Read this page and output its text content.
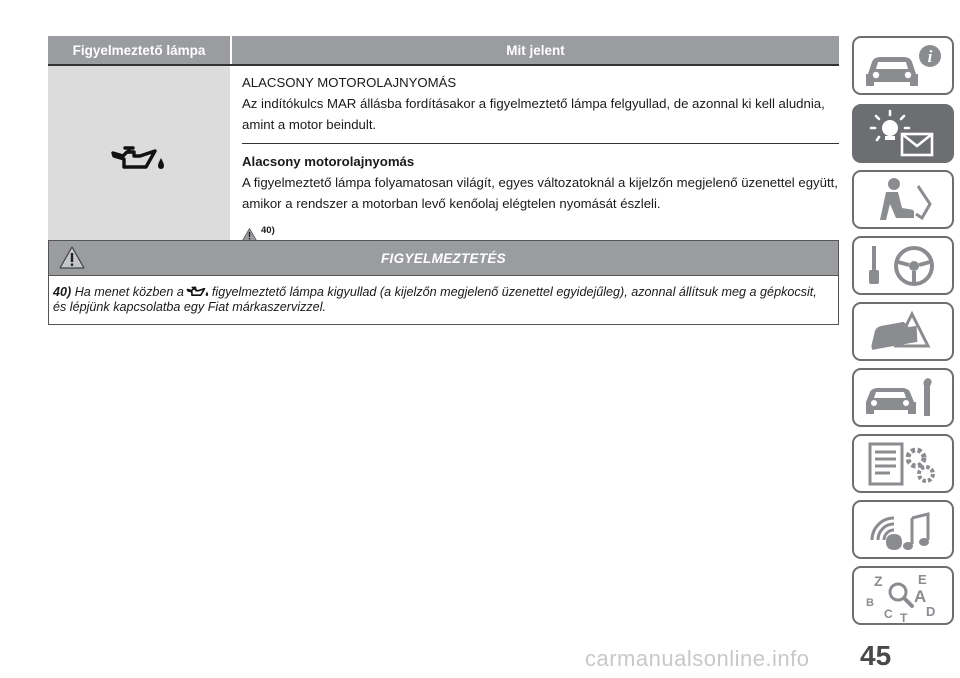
Figyelmeztető lámpa	Mit jelent
ALACSONY MOTOROLAJNYOMÁS
Az indítókulcs MAR állásba fordításakor a figyelmeztető lámpa felgyullad, de azonnal ki kell aludnia, amint a motor beindult.
Alacsony motorolajnyomás
A figyelmeztető lámpa folyamatosan világít, egyes változatoknál a kijelzőn megjelenő üzenettel együtt, amikor a rendszer a motorban levő kenőolaj elégtelen nyomását észleli.
40)
FIGYELMEZTETÉS
40) Ha menet közben a figyelmeztető lámpa kigyullad (a kijelzőn megjelenő üzenettel egyidejűleg), azonnal állítsuk meg a gépkocsit, és lépjünk kapcsolatba egy Fiat márkaszervizzel.
i
!
Z	E
A
B
C	D
T
carmanualsonline.info 45
